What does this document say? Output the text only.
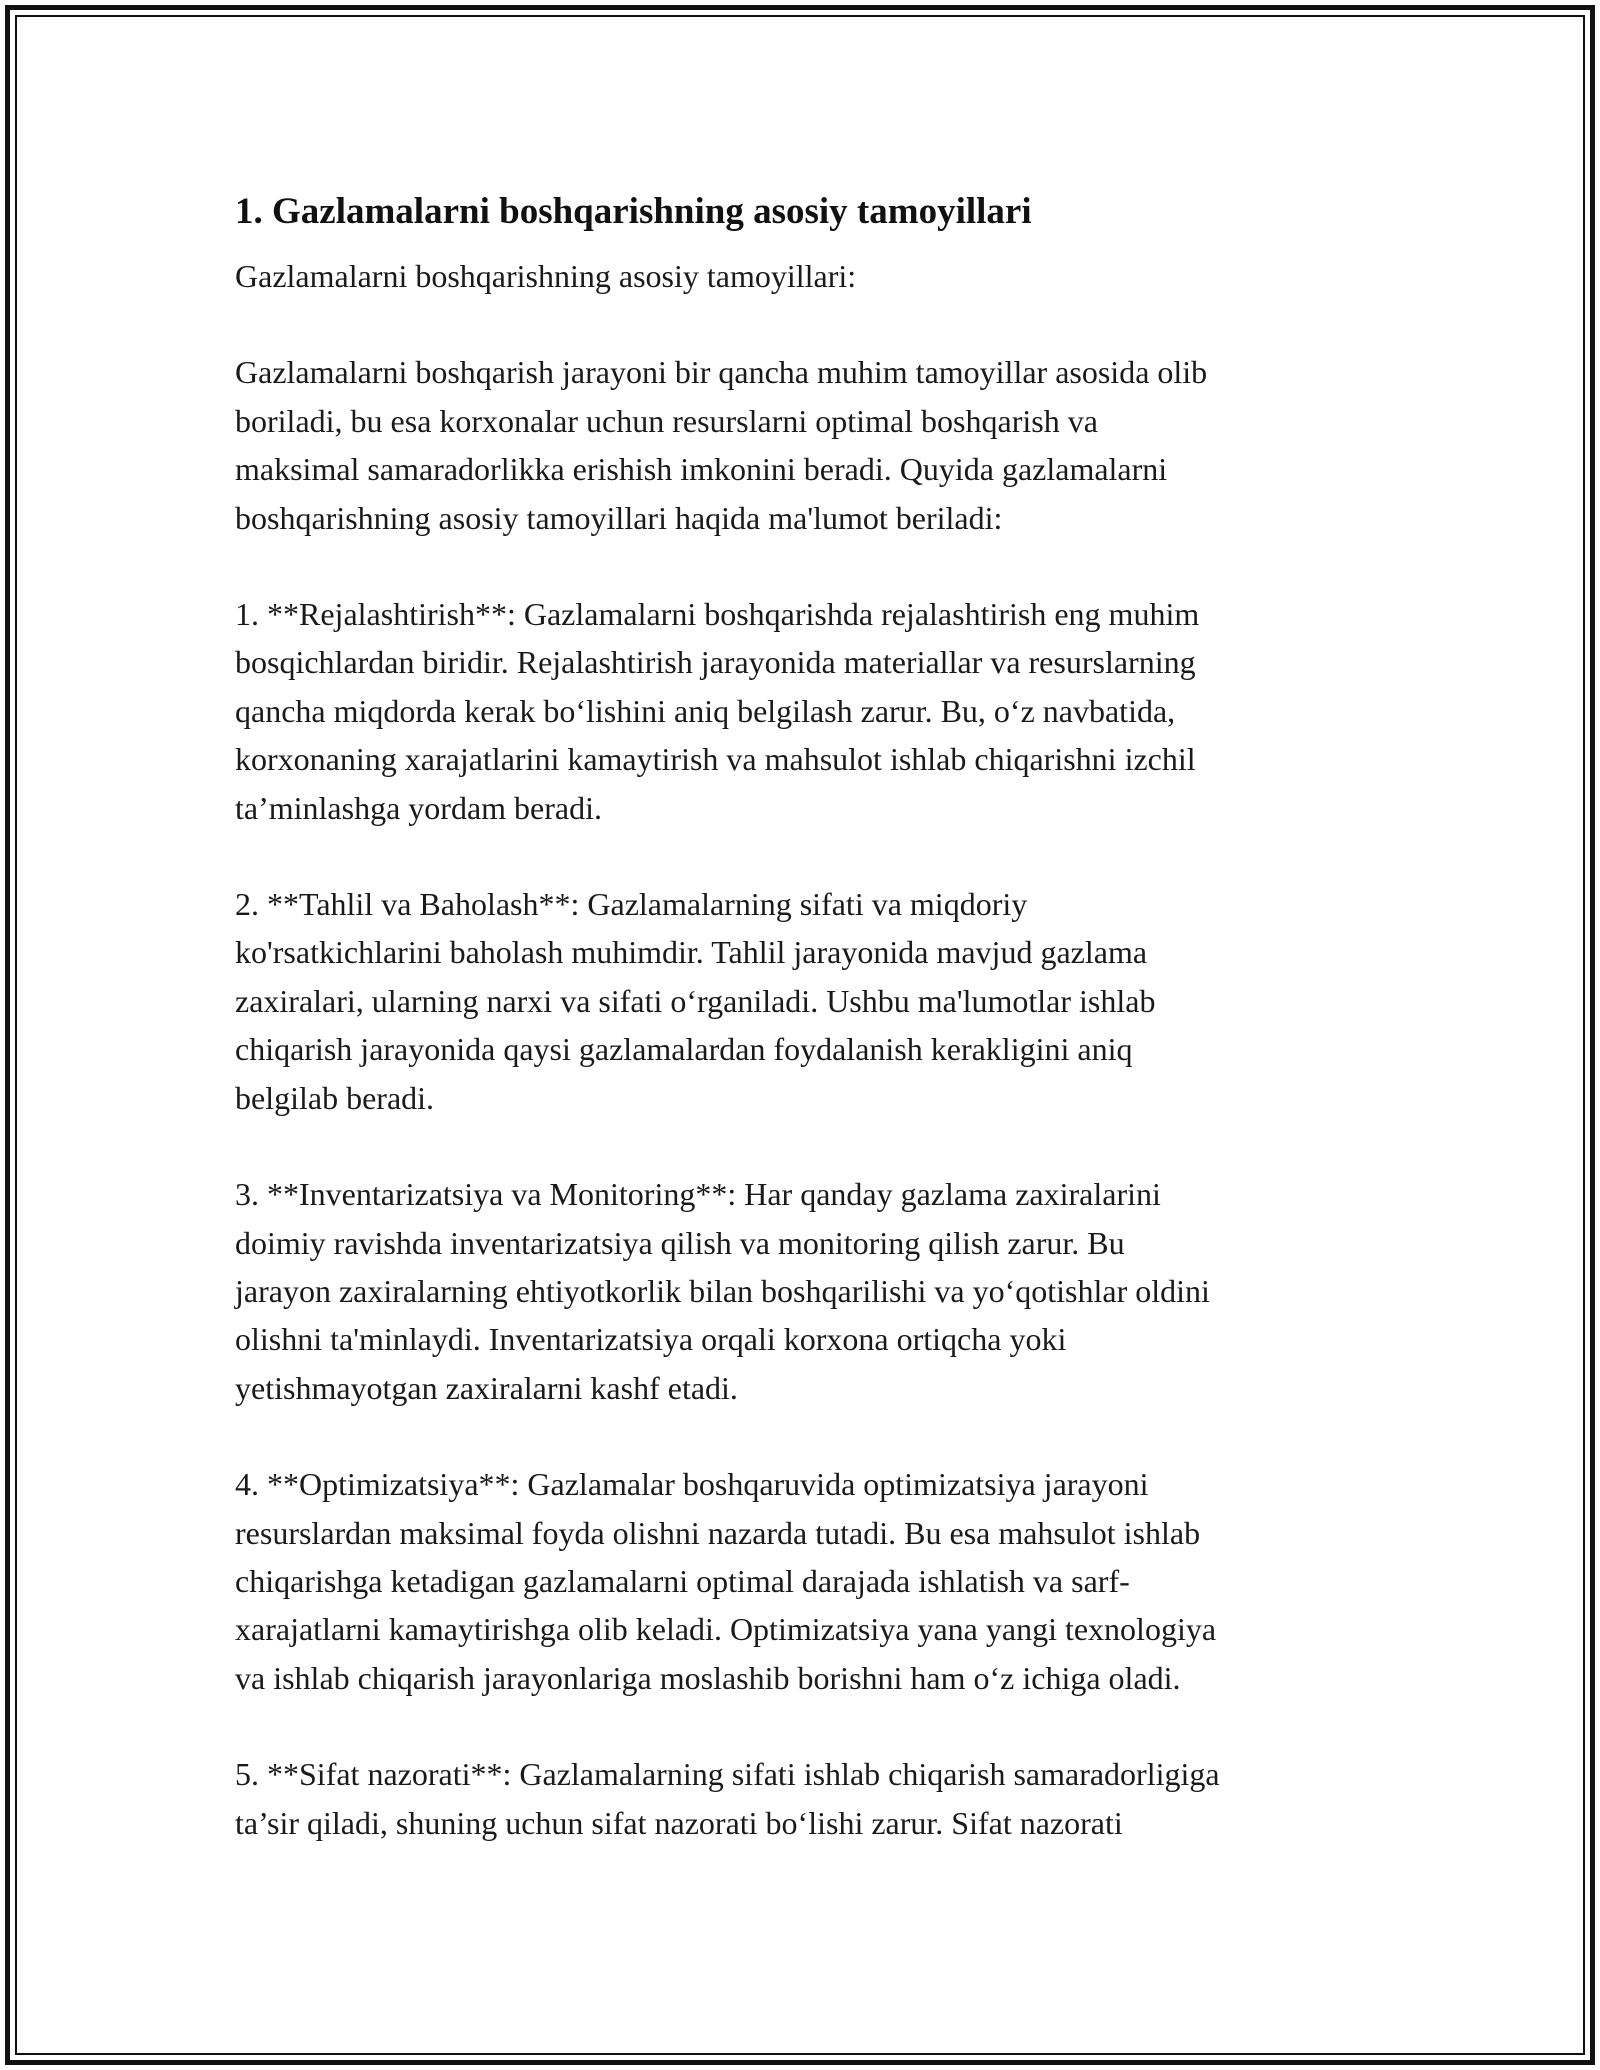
1. Gazlamalarni boshqarishning asosiy tamoyillari

Gazlamalarni boshqarishning asosiy tamoyillari:

Gazlamalarni boshqarish jarayoni bir qancha muhim tamoyillar asosida olib
boriladi, bu esa korxonalar uchun resurslarni optimal boshqarish va
maksimal samaradorlikka erishish imkonini beradi. Quyida gazlamalarni
boshqarishning asosiy tamoyillari haqida ma'lumot beriladi:

1. **Rejalashtirish**: Gazlamalarni boshqarishda rejalashtirish eng muhim
bosqichlardan biridir. Rejalashtirish jarayonida materiallar va resurslarning
qancha miqdorda kerak boʻlishini aniq belgilash zarur. Bu, oʻz navbatida,
korxonaning xarajatlarini kamaytirish va mahsulot ishlab chiqarishni izchil
ta’minlashga yordam beradi.

2. **Tahlil va Baholash**: Gazlamalarning sifati va miqdoriy
ko'rsatkichlarini baholash muhimdir. Tahlil jarayonida mavjud gazlama
zaxiralari, ularning narxi va sifati oʻrganiladi. Ushbu ma'lumotlar ishlab
chiqarish jarayonida qaysi gazlamalardan foydalanish kerakligini aniq
belgilab beradi.

3. **Inventarizatsiya va Monitoring**: Har qanday gazlama zaxiralarini
doimiy ravishda inventarizatsiya qilish va monitoring qilish zarur. Bu
jarayon zaxiralarning ehtiyotkorlik bilan boshqarilishi va yoʻqotishlar oldini
olishni ta'minlaydi. Inventarizatsiya orqali korxona ortiqcha yoki
yetishmayotgan zaxiralarni kashf etadi.

4. **Optimizatsiya**: Gazlamalar boshqaruvida optimizatsiya jarayoni
resurslardan maksimal foyda olishni nazarda tutadi. Bu esa mahsulot ishlab
chiqarishga ketadigan gazlamalarni optimal darajada ishlatish va sarf-
xarajatlarni kamaytirishga olib keladi. Optimizatsiya yana yangi texnologiya
va ishlab chiqarish jarayonlariga moslashib borishni ham oʻz ichiga oladi.

5. **Sifat nazorati**: Gazlamalarning sifati ishlab chiqarish samaradorligiga
ta’sir qiladi, shuning uchun sifat nazorati boʻlishi zarur. Sifat nazorati
